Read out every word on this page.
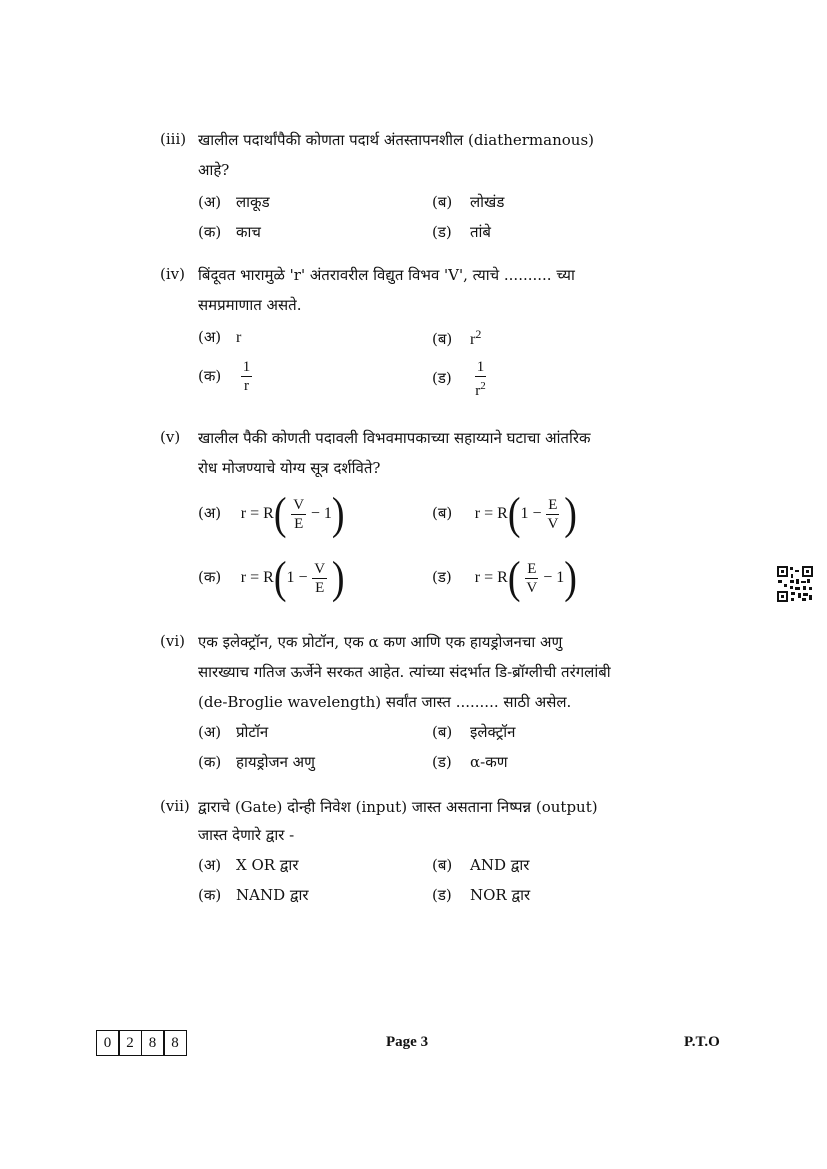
(iii) खालील पदार्थांपैकी कोणता पदार्थ अंतस्तापनशील (diathermanous)
आहे?
(अ) लाकूड	(ब) लोखंड
(क) काच	(ड) तांबे
(iv) बिंदूवत भारामुळे 'r' अंतरावरील विद्युत विभव 'V', त्याचे .......... च्या
समप्रमाणात असते.
(अ) r	(ब) $r^2$
(क) $\frac{1}{r}$	(ड) $\frac{1}{r^2}$
(v) खालील पैकी कोणती पदावली विभवमापकाच्या सहाय्याने घटाचा आंतरिक
रोध मोजण्याचे योग्य सूत्र दर्शविते?
(अ) $r = R( \frac{V}{E} - 1)$	(ब) $r = R(1 - \frac{E}{V}$ )
(क) $r = R(1 - \frac{V}{E}$ )	(ड) $r = R( \frac{E}{V} - 1)$
(vi) एक इलेक्ट्रॉन, एक प्रोटॉन, एक α कण आणि एक हायड्रोजनचा अणु
सारख्याच गतिज ऊर्जेने सरकत आहेत. त्यांच्या संदर्भात डि-ब्रॉग्लीची तरंगलांबी
(de-Broglie wavelength) सर्वांत जास्त ......... साठी असेल.
(अ) प्रोटॉन	(ब) इलेक्ट्रॉन
(क) हायड्रोजन अणु	(ड) α-कण
(vii) द्वाराचे (Gate) दोन्ही निवेश (input) जास्त असताना निष्पन्न (output)
जास्त देणारे द्वार -
(अ) X OR द्वार	(ब) AND द्वार
(क) NAND द्वार	(ड) NOR द्वार
0	2	8	8	Page 3	P.T.O
